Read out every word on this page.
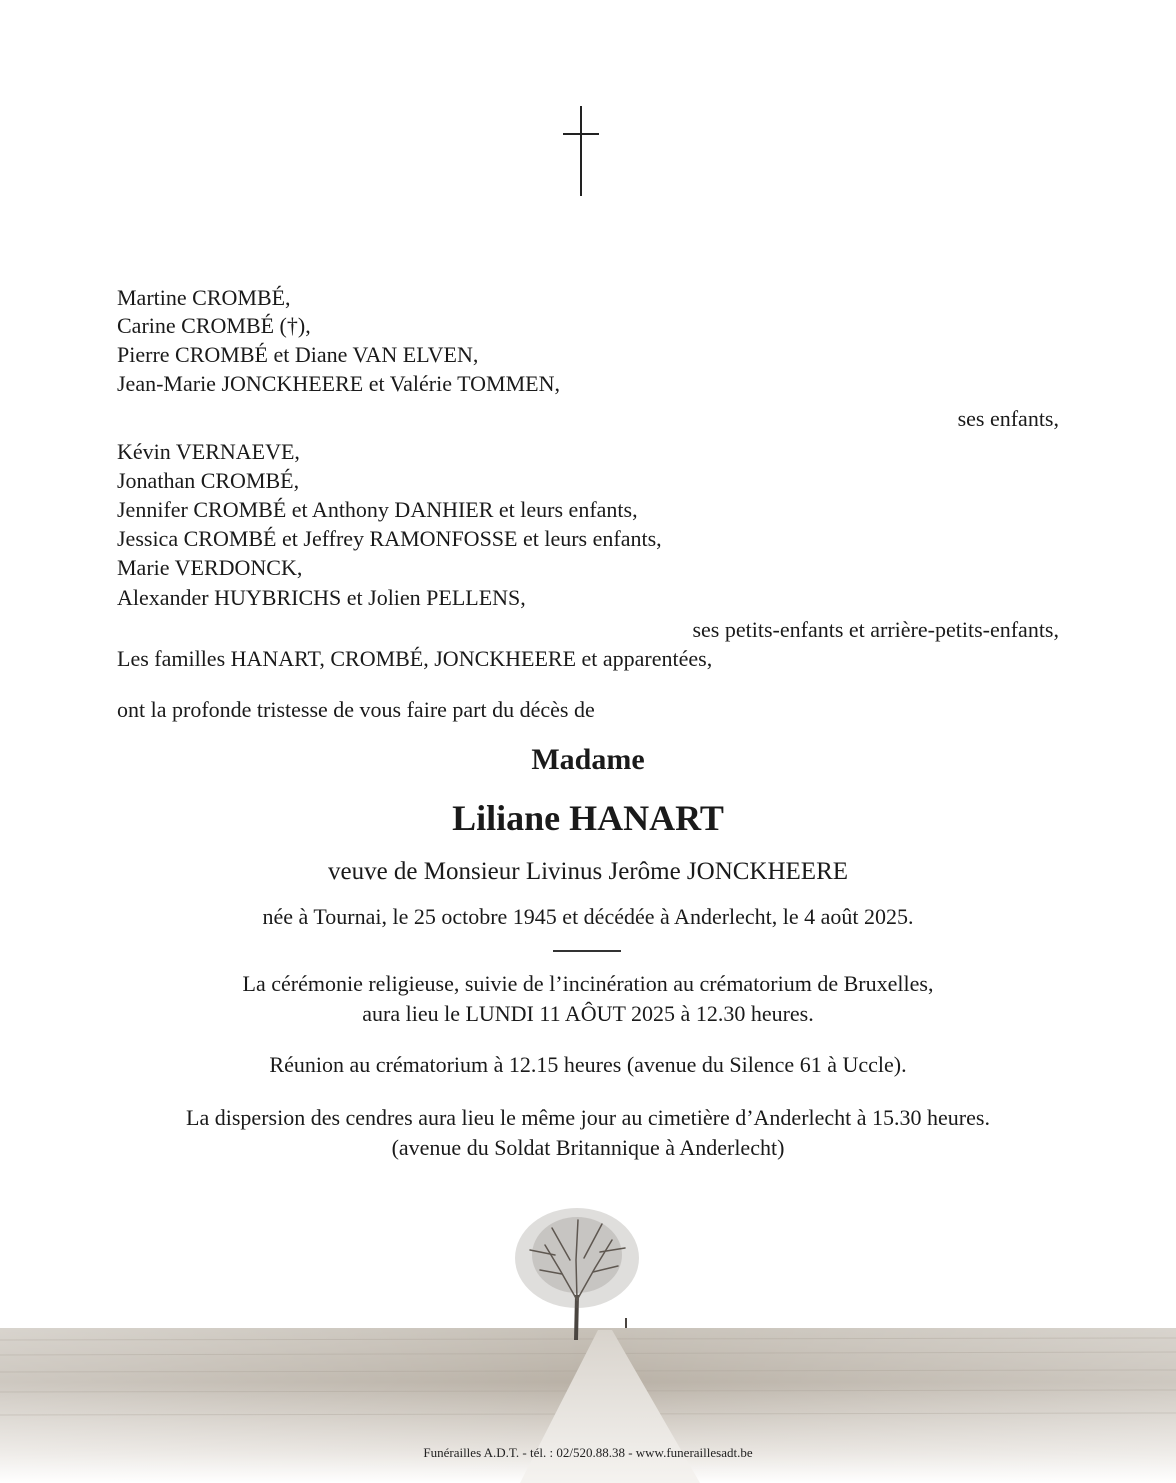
Martine CROMBÉ,
Carine CROMBÉ (†),
Pierre CROMBÉ et Diane VAN ELVEN,
Jean-Marie JONCKHEERE et Valérie TOMMEN,
ses enfants,
Kévin VERNAEVE,
Jonathan CROMBÉ,
Jennifer CROMBÉ et Anthony DANHIER et leurs enfants,
Jessica CROMBÉ et Jeffrey RAMONFOSSE et leurs enfants,
Marie VERDONCK,
Alexander HUYBRICHS et Jolien PELLENS,
ses petits-enfants et arrière-petits-enfants,
Les familles HANART, CROMBÉ, JONCKHEERE et apparentées,
ont la profonde tristesse de vous faire part du décès de
Madame
Liliane HANART
veuve de Monsieur Livinus Jerôme JONCKHEERE
née à Tournai, le 25 octobre 1945 et décédée à Anderlecht, le 4 août 2025.
La cérémonie religieuse, suivie de l’incinération au crématorium de Bruxelles,
aura lieu le LUNDI 11 AÔUT 2025 à 12.30 heures.
Réunion au crématorium à 12.15 heures (avenue du Silence 61 à Uccle).
La dispersion des cendres aura lieu le même jour au cimetière d’Anderlecht à 15.30 heures.
(avenue du Soldat Britannique à Anderlecht)
Funérailles A.D.T. - tél. : 02/520.88.38 - www.funeraillesadt.be
